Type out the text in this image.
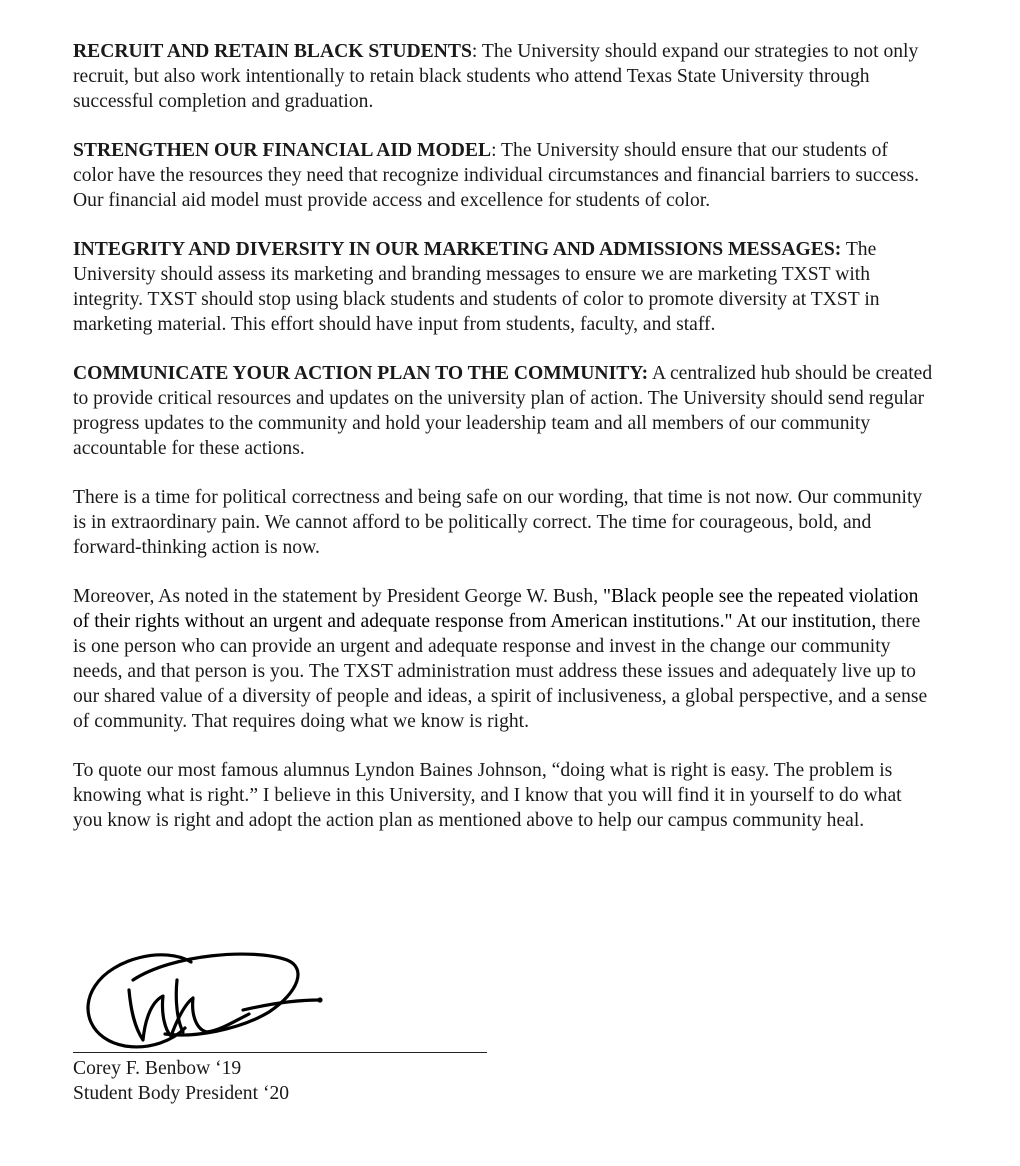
RECRUIT AND RETAIN BLACK STUDENTS: The University should expand our strategies to not only recruit, but also work intentionally to retain black students who attend Texas State University through successful completion and graduation.

STRENGTHEN OUR FINANCIAL AID MODEL: The University should ensure that our students of color have the resources they need that recognize individual circumstances and financial barriers to success. Our financial aid model must provide access and excellence for students of color.

INTEGRITY AND DIVERSITY IN OUR MARKETING AND ADMISSIONS MESSAGES: The University should assess its marketing and branding messages to ensure we are marketing TXST with integrity. TXST should stop using black students and students of color to promote diversity at TXST in marketing material. This effort should have input from students, faculty, and staff.

COMMUNICATE YOUR ACTION PLAN TO THE COMMUNITY: A centralized hub should be created to provide critical resources and updates on the university plan of action. The University should send regular progress updates to the community and hold your leadership team and all members of our community accountable for these actions.

There is a time for political correctness and being safe on our wording, that time is not now. Our community is in extraordinary pain. We cannot afford to be politically correct. The time for courageous, bold, and forward-thinking action is now.

Moreover, As noted in the statement by President George W. Bush, "Black people see the repeated violation of their rights without an urgent and adequate response from American institutions." At our institution, there is one person who can provide an urgent and adequate response and invest in the change our community needs, and that person is you. The TXST administration must address these issues and adequately live up to our shared value of a diversity of people and ideas, a spirit of inclusiveness, a global perspective, and a sense of community. That requires doing what we know is right.

To quote our most famous alumnus Lyndon Baines Johnson, “doing what is right is easy. The problem is knowing what is right.” I believe in this University, and I know that you will find it in yourself to do what you know is right and adopt the action plan as mentioned above to help our campus community heal.

Corey F. Benbow ‘19
Student Body President ‘20
